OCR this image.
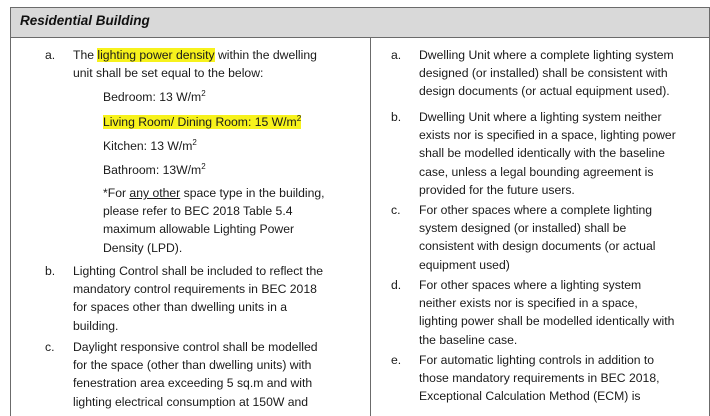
Residential Building
a. The lighting power density within the dwelling
unit shall be set equal to the below:
Bedroom: 13 $W/m^2$
Living Room/ Dining Room: 15 $W/m^2$
Kitchen: 13 $W/m^2$
Bathroom: $13W/m^2$
*For any other space type in the building,
please refer to BEC 2018 Table 5.4
maximum allowable Lighting Power
Density (LPD).
b. Lighting Control shall be included to reflect the
mandatory control requirements in BEC 2018
for spaces other than dwelling units in a
building.
c. Daylight responsive control shall be modelled
for the space (other than dwelling units) with
fenestration area exceeding 5 sq.m and with
lighting electrical consumption at 150W and
a. Dwelling Unit where a complete lighting system
designed (or installed) shall be consistent with
design documents (or actual equipment used).
b. Dwelling Unit where a lighting system neither
exists nor is specified in a space, lighting power
shall be modelled identically with the baseline
case, unless a legal bounding agreement is
provided for the future users.
c. For other spaces where a complete lighting
system designed (or installed) shall be
consistent with design documents (or actual
equipment used)
d. For other spaces where a lighting system
neither exists nor is specified in a space,
lighting power shall be modelled identically with
the baseline case.
e. For automatic lighting controls in addition to
those mandatory requirements in BEC 2018,
Exceptional Calculation Method (ECM) is
